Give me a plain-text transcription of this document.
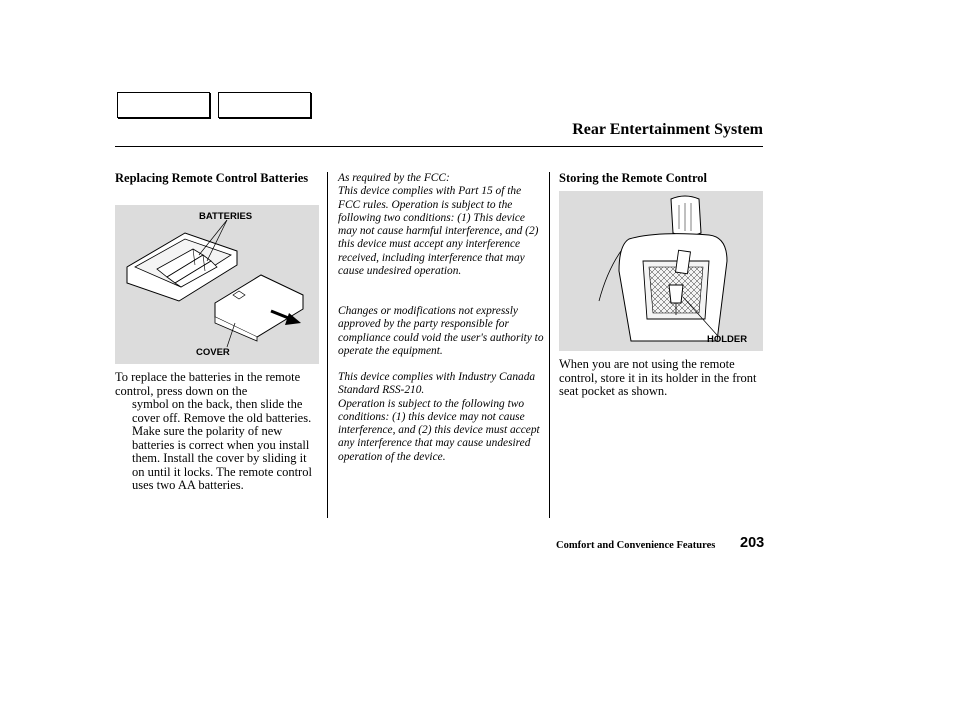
Rear Entertainment System
Replacing Remote Control Batteries
BATTERIES
COVER
To replace the batteries in the remote control, press down on the
symbol on the back, then slide the cover off. Remove the old batteries. Make sure the polarity of new batteries is correct when you install them. Install the cover by sliding it on until it locks. The remote control uses two AA batteries.
As required by the FCC:
This device complies with Part 15 of the FCC rules. Operation is subject to the following two conditions: (1) This device may not cause harmful interference, and (2) this device must accept any interference received, including interference that may cause undesired operation.
Changes or modifications not expressly approved by the party responsible for compliance could void the user's authority to operate the equipment.
This device complies with Industry Canada Standard RSS-210.
Operation is subject to the following two conditions: (1) this device may not cause interference, and (2) this device must accept any interference that may cause undesired operation of the device.
Storing the Remote Control
HOLDER
When you are not using the remote control, store it in its holder in the front seat pocket as shown.
Comfort and Convenience Features 203
